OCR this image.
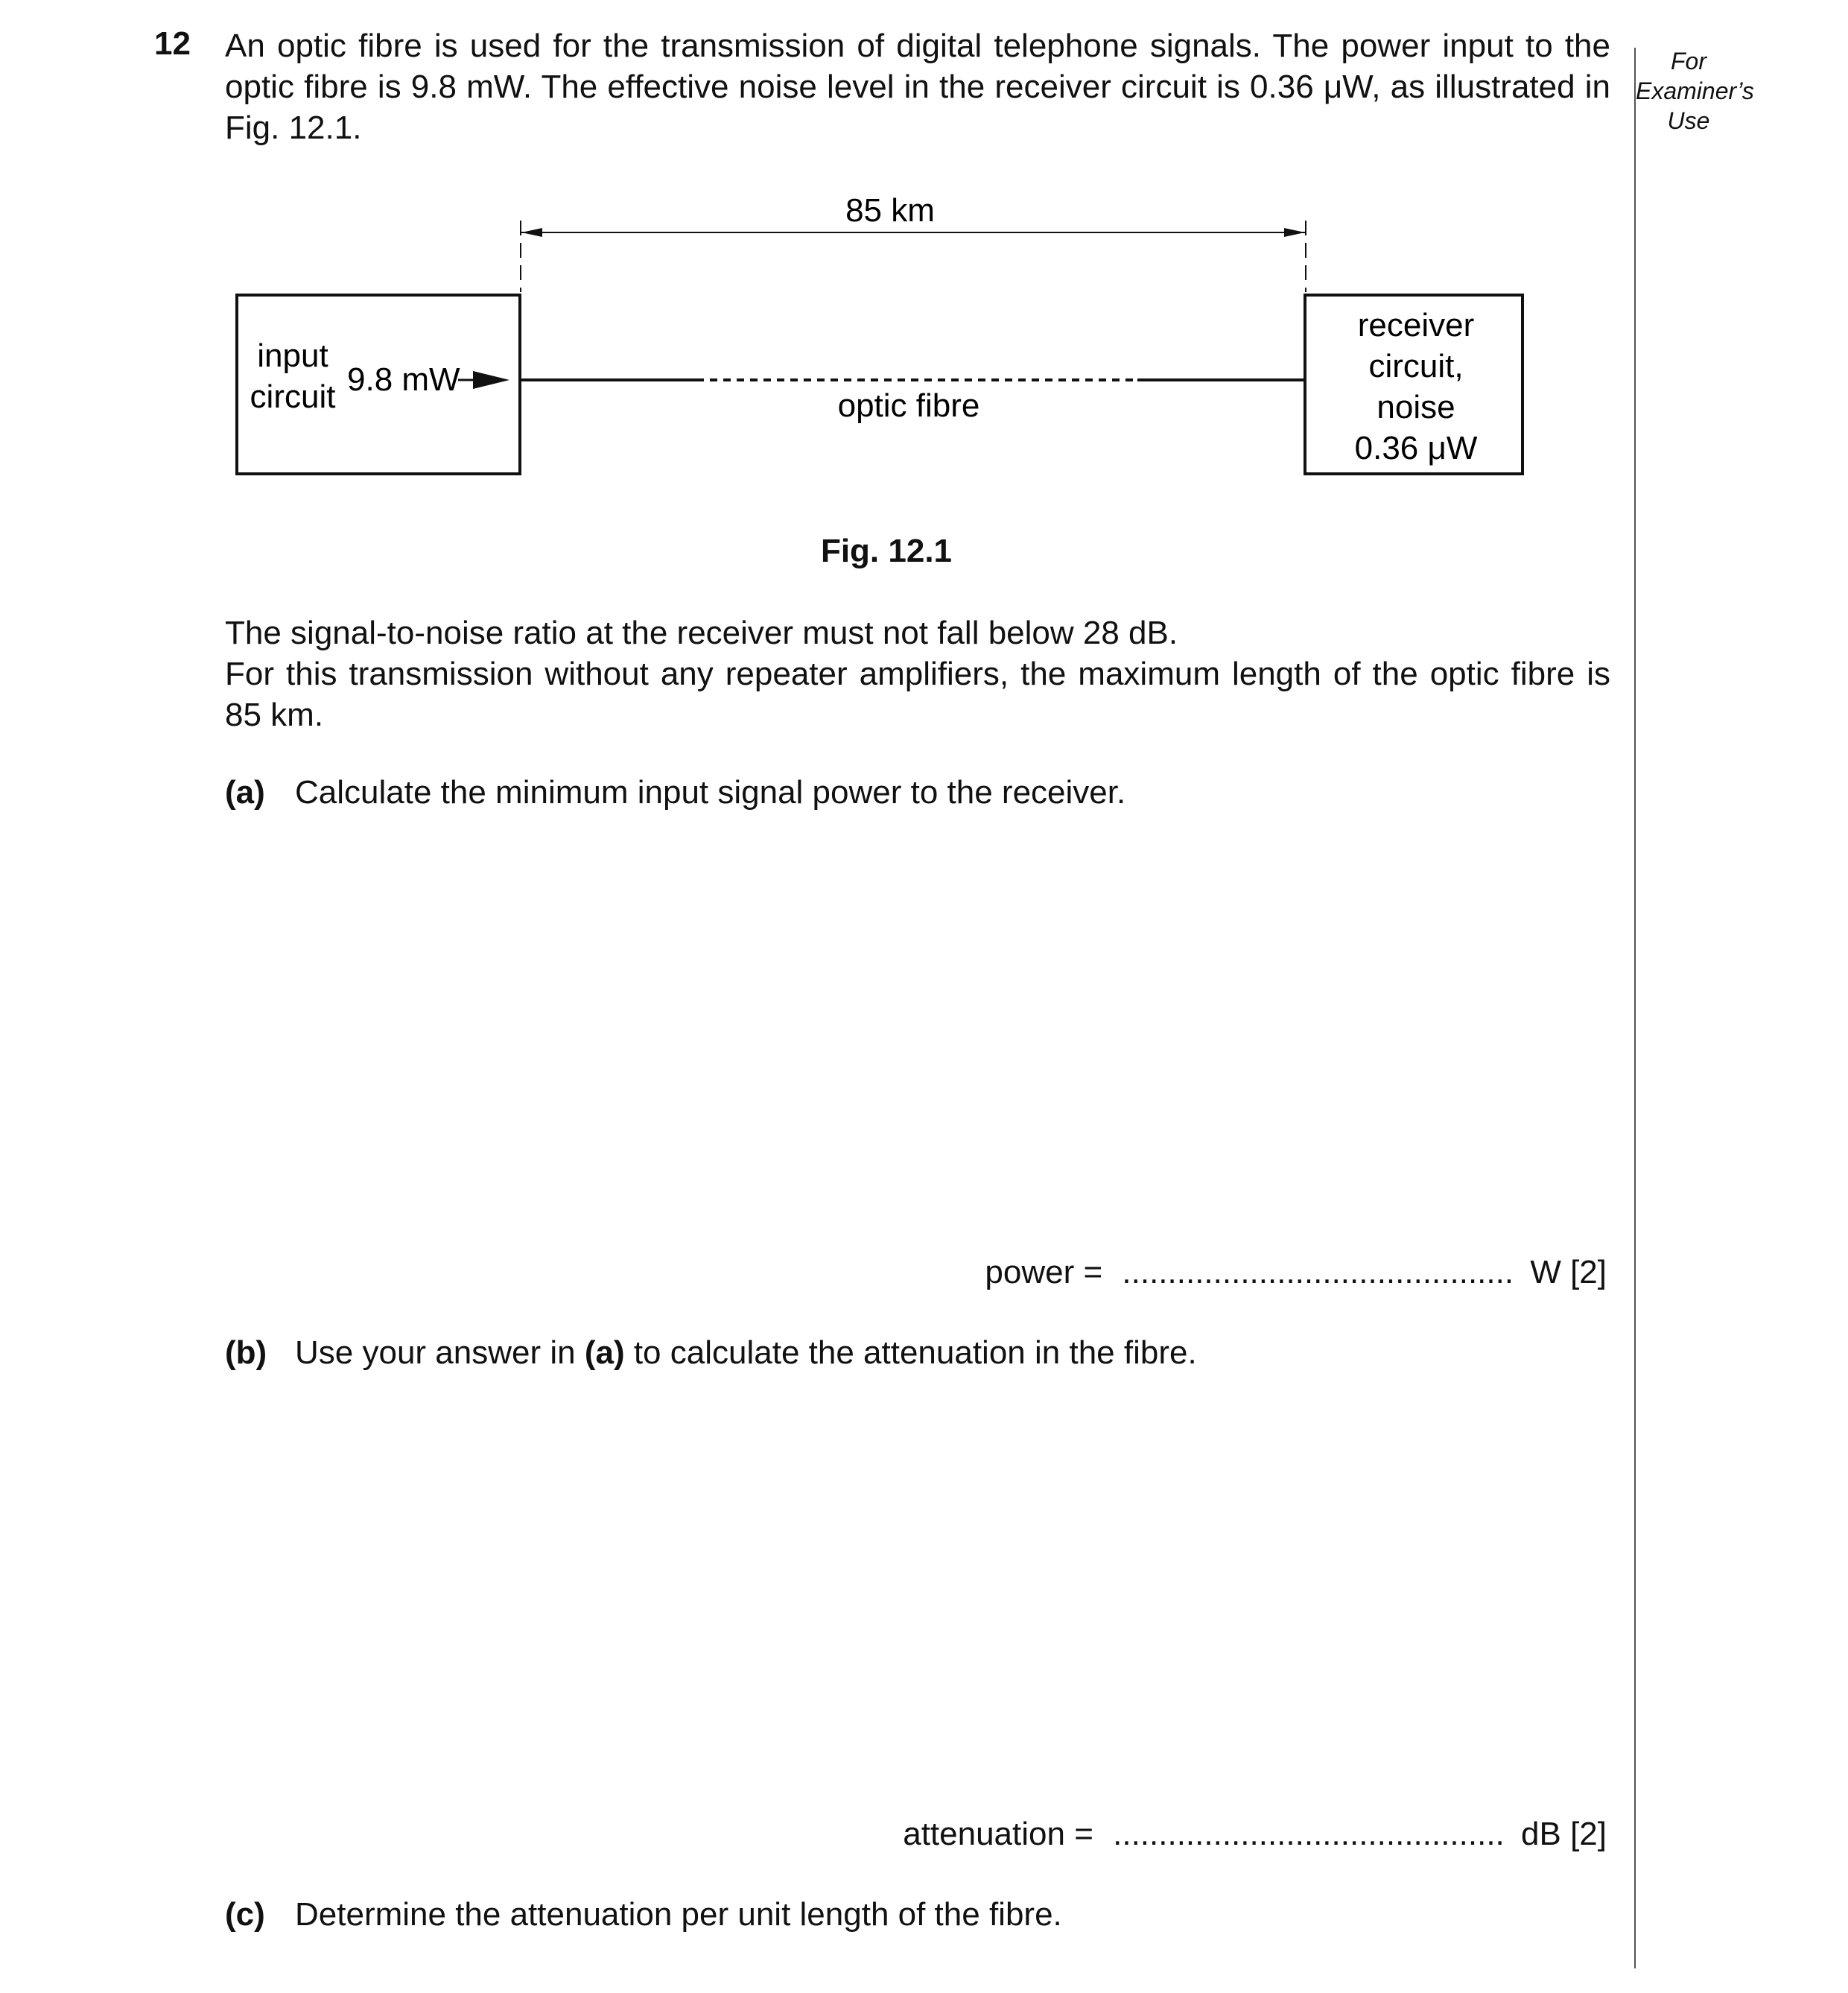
12 An optic fibre is used for the transmission of digital telephone signals. The power input to the optic fibre is 9.8 mW. The effective noise level in the receiver circuit is 0.36 μW, as illustrated in Fig. 12.1.
85 km
input
circuit 9.8 mW
optic fibre
receiver
circuit,
noise
0.36 μW
Fig. 12.1
The signal-to-noise ratio at the receiver must not fall below 28 dB.
For this transmission without any repeater amplifiers, the maximum length of the optic fibre is 85 km.
(a) Calculate the minimum input signal power to the receiver.
power = ........................................... W [2]
(b) Use your answer in (a) to calculate the attenuation in the fibre.
attenuation = ........................................... dB [2]
(c) Determine the attenuation per unit length of the fibre.
For
Examiner’s
Use
